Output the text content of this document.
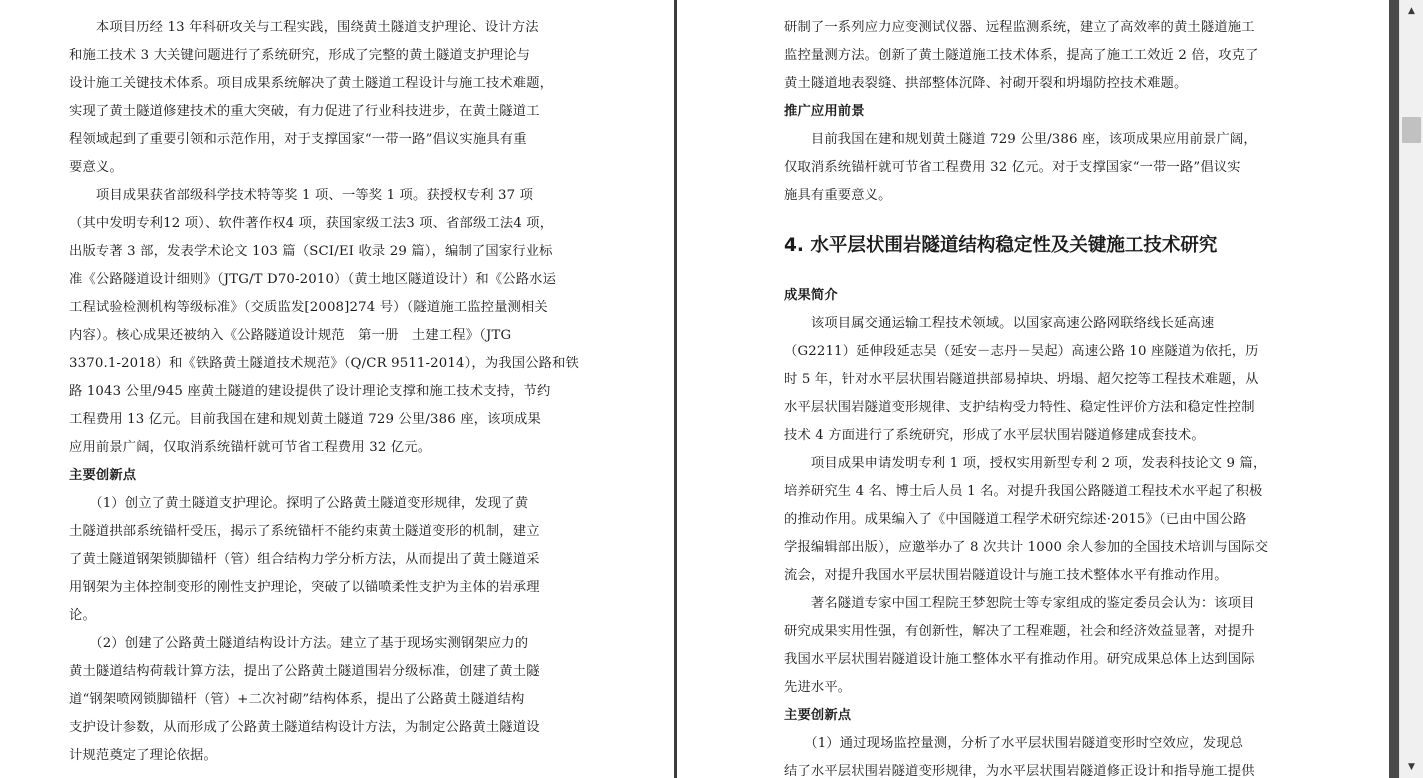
　　本项目历经 13 年科研攻关与工程实践，围绕黄土隧道支护理论、设计方法
和施工技术 3 大关键问题进行了系统研究，形成了完整的黄土隧道支护理论与
设计施工关键技术体系。项目成果系统解决了黄土隧道工程设计与施工技术难题，
实现了黄土隧道修建技术的重大突破，有力促进了行业科技进步，在黄土隧道工
程领域起到了重要引领和示范作用，对于支撑国家“一带一路”倡议实施具有重
要意义。
　　项目成果获省部级科学技术特等奖 1 项、一等奖 1 项。获授权专利 37 项
（其中发明专利12 项）、软件著作权4 项，获国家级工法3 项、省部级工法4 项，
出版专著 3 部，发表学术论文 103 篇（SCI/EI 收录 29 篇），编制了国家行业标
准《公路隧道设计细则》（JTG/T D70-2010）（黄土地区隧道设计）和《公路水运
工程试验检测机构等级标准》（交质监发[2008]274 号）（隧道施工监控量测相关
内容）。核心成果还被纳入《公路隧道设计规范　第一册　土建工程》（JTG
3370.1-2018）和《铁路黄土隧道技术规范》（Q/CR 9511-2014），为我国公路和铁
路 1043 公里/945 座黄土隧道的建设提供了设计理论支撑和施工技术支持，节约
工程费用 13 亿元。目前我国在建和规划黄土隧道 729 公里/386 座，该项成果
应用前景广阔，仅取消系统锚杆就可节省工程费用 32 亿元。
主要创新点
　　（1）创立了黄土隧道支护理论。探明了公路黄土隧道变形规律，发现了黄
土隧道拱部系统锚杆受压，揭示了系统锚杆不能约束黄土隧道变形的机制，建立
了黄土隧道钢架锁脚锚杆（管）组合结构力学分析方法，从而提出了黄土隧道采
用钢架为主体控制变形的刚性支护理论，突破了以锚喷柔性支护为主体的岩承理
论。
　　（2）创建了公路黄土隧道结构设计方法。建立了基于现场实测钢架应力的
黄土隧道结构荷载计算方法，提出了公路黄土隧道围岩分级标准，创建了黄土隧
道“钢架喷网锁脚锚杆（管）+二次衬砌”结构体系，提出了公路黄土隧道结构
支护设计参数，从而形成了公路黄土隧道结构设计方法，为制定公路黄土隧道设
计规范奠定了理论依据。
研制了一系列应力应变测试仪器、远程监测系统，建立了高效率的黄土隧道施工
监控量测方法。创新了黄土隧道施工技术体系，提高了施工工效近 2 倍，攻克了
黄土隧道地表裂缝、拱部整体沉降、衬砌开裂和坍塌防控技术难题。
推广应用前景
　　目前我国在建和规划黄土隧道 729 公里/386 座，该项成果应用前景广阔，
仅取消系统锚杆就可节省工程费用 32 亿元。对于支撑国家“一带一路”倡议实
施具有重要意义。
4. 水平层状围岩隧道结构稳定性及关键施工技术研究
成果简介
　　该项目属交通运输工程技术领域。以国家高速公路网联络线长延高速
（G2211）延伸段延志吴（延安－志丹－吴起）高速公路 10 座隧道为依托，历
时 5 年，针对水平层状围岩隧道拱部易掉块、坍塌、超欠挖等工程技术难题，从
水平层状围岩隧道变形规律、支护结构受力特性、稳定性评价方法和稳定性控制
技术 4 方面进行了系统研究，形成了水平层状围岩隧道修建成套技术。
　　项目成果申请发明专利 1 项，授权实用新型专利 2 项，发表科技论文 9 篇，
培养研究生 4 名、博士后人员 1 名。对提升我国公路隧道工程技术水平起了积极
的推动作用。成果编入了《中国隧道工程学术研究综述·2015》（已由中国公路
学报编辑部出版），应邀举办了 8 次共计 1000 余人参加的全国技术培训与国际交
流会，对提升我国水平层状围岩隧道设计与施工技术整体水平有推动作用。
　　著名隧道专家中国工程院王梦恕院士等专家组成的鉴定委员会认为：该项目
研究成果实用性强，有创新性，解决了工程难题，社会和经济效益显著，对提升
我国水平层状围岩隧道设计施工整体水平有推动作用。研究成果总体上达到国际
先进水平。
主要创新点
　　（1）通过现场监控量测，分析了水平层状围岩隧道变形时空效应，发现总
结了水平层状围岩隧道变形规律，为水平层状围岩隧道修正设计和指导施工提供
▲
▼
